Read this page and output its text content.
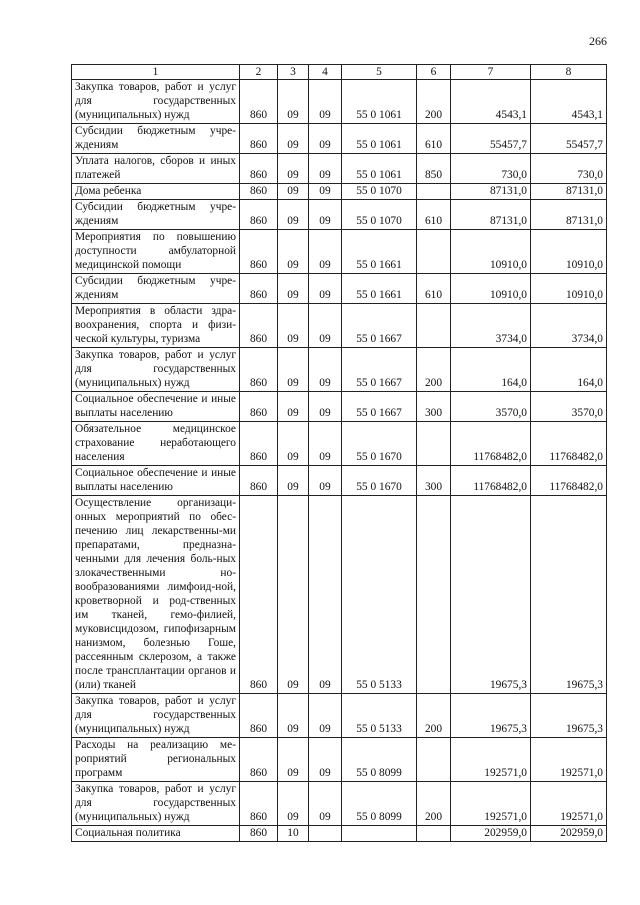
266
1	2	3	4	5	6	7	8
Закупка товаров, работ и услуг для государственных (муниципальных) нужд	860	09	09	55 0 1061	200	4543,1	4543,1
Субсидии бюджетным учре-ждениям	860	09	09	55 0 1061	610	55457,7	55457,7
Уплата налогов, сборов и иных платежей	860	09	09	55 0 1061	850	730,0	730,0
Дома ребенка	860	09	09	55 0 1070		87131,0	87131,0
Субсидии бюджетным учре-ждениям	860	09	09	55 0 1070	610	87131,0	87131,0
Мероприятия по повышению доступности амбулаторной медицинской помощи	860	09	09	55 0 1661		10910,0	10910,0
Субсидии бюджетным учре-ждениям	860	09	09	55 0 1661	610	10910,0	10910,0
Мероприятия в области здра-воохранения, спорта и физи-ческой культуры, туризма	860	09	09	55 0 1667		3734,0	3734,0
Закупка товаров, работ и услуг для государственных (муниципальных) нужд	860	09	09	55 0 1667	200	164,0	164,0
Социальное обеспечение и иные выплаты населению	860	09	09	55 0 1667	300	3570,0	3570,0
Обязательное медицинское страхование неработающего населения	860	09	09	55 0 1670		11768482,0	11768482,0
Социальное обеспечение и иные выплаты населению	860	09	09	55 0 1670	300	11768482,0	11768482,0
Осуществление организаци-онных мероприятий по обес-печению лиц лекарственны-ми препаратами, предназна-ченными для лечения боль-ных злокачественными но-вообразованиями лимфоид-ной, кроветворной и род-ственных им тканей, гемо-филией, муковисцидозом, гипофизарным нанизмом, болезнью Гоше, рассеянным склерозом, а также после трансплантации органов и (или) тканей	860	09	09	55 0 5133		19675,3	19675,3
Закупка товаров, работ и услуг для государственных (муниципальных) нужд	860	09	09	55 0 5133	200	19675,3	19675,3
Расходы на реализацию ме-роприятий региональных программ	860	09	09	55 0 8099		192571,0	192571,0
Закупка товаров, работ и услуг для государственных (муниципальных) нужд	860	09	09	55 0 8099	200	192571,0	192571,0
Социальная политика	860	10				202959,0	202959,0
